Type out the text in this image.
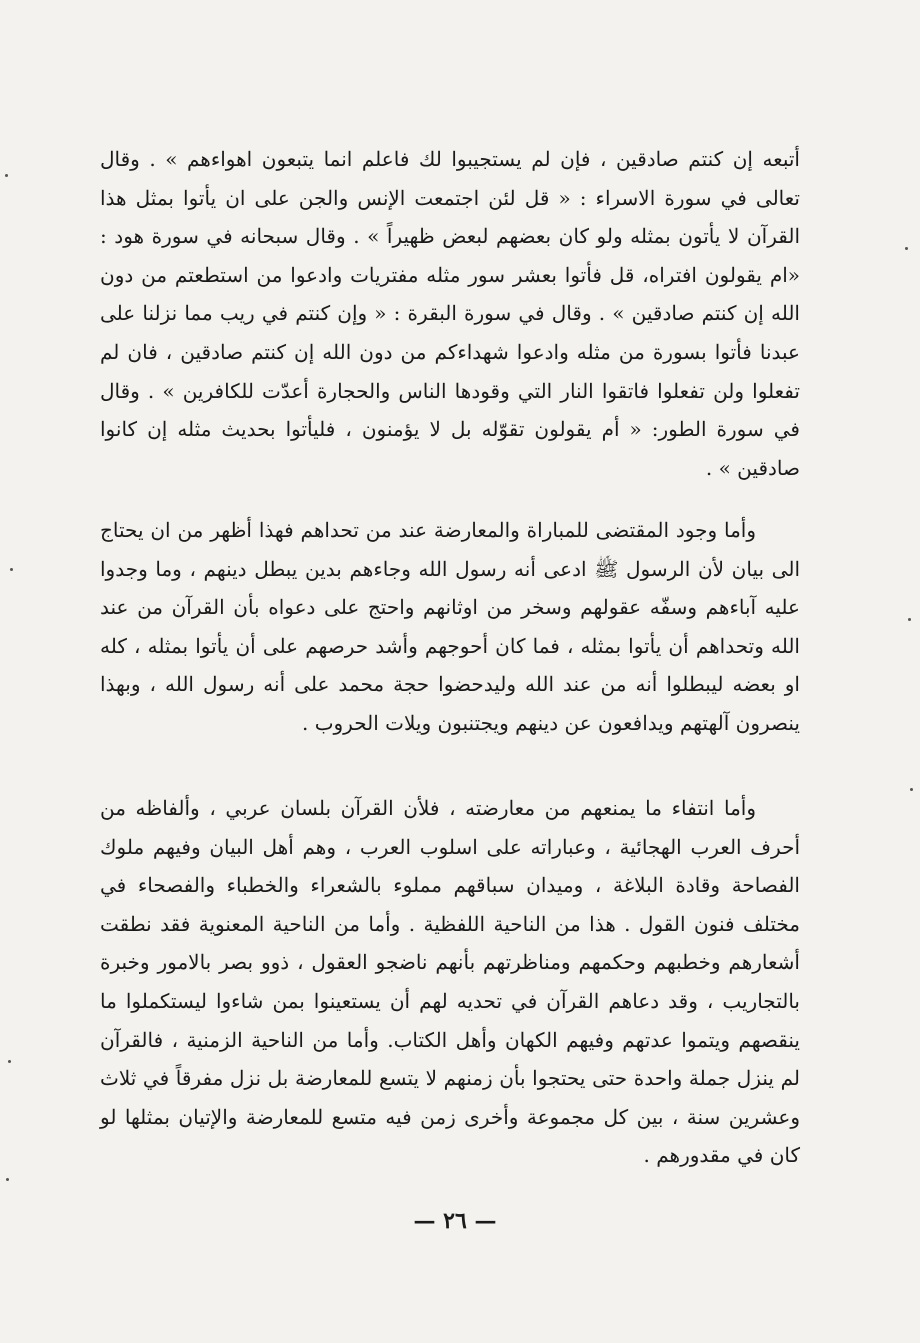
أتبعه إن كنتم صادقين ، فإن لم يستجيبوا لك فاعلم انما يتبعون اهواءهم » . وقال تعالى في سورة الاسراء : « قل لئن اجتمعت الإنس والجن على ان يأتوا بمثل هذا القرآن لا يأتون بمثله ولو كان بعضهم لبعض ظهيراً » . وقال سبحانه في سورة هود : «ام يقولون افتراه، قل فأتوا بعشر سور مثله مفتريات وادعوا من استطعتم من دون الله إن كنتم صادقين » . وقال في سورة البقرة : « وإن كنتم في ريب مما نزلنا على عبدنا فأتوا بسورة من مثله وادعوا شهداءكم من دون الله إن كنتم صادقين ، فان لم تفعلوا ولن تفعلوا فاتقوا النار التي وقودها الناس والحجارة أعدّت للكافرين » . وقال في سورة الطور: « أم يقولون تقوّله بل لا يؤمنون ، فليأتوا بحديث مثله إن كانوا صادقين » .

وأما وجود المقتضى للمباراة والمعارضة عند من تحداهم فهذا أظهر من ان يحتاج الى بيان لأن الرسول ﷺ ادعى أنه رسول الله وجاءهم بدين يبطل دينهم ، وما وجدوا عليه آباءهم وسفّه عقولهم وسخر من اوثانهم واحتج على دعواه بأن القرآن من عند الله وتحداهم أن يأتوا بمثله ، فما كان أحوجهم وأشد حرصهم على أن يأتوا بمثله ، كله او بعضه ليبطلوا أنه من عند الله وليدحضوا حجة محمد على أنه رسول الله ، وبهذا ينصرون آلهتهم ويدافعون عن دينهم ويجتنبون ويلات الحروب .

وأما انتفاء ما يمنعهم من معارضته ، فلأن القرآن بلسان عربي ، وألفاظه من أحرف العرب الهجائية ، وعباراته على اسلوب العرب ، وهم أهل البيان وفيهم ملوك الفصاحة وقادة البلاغة ، وميدان سباقهم مملوء بالشعراء والخطباء والفصحاء في مختلف فنون القول . هذا من الناحية اللفظية . وأما من الناحية المعنوية فقد نطقت أشعارهم وخطبهم وحكمهم ومناظرتهم بأنهم ناضجو العقول ، ذوو بصر بالامور وخبرة بالتجاريب ، وقد دعاهم القرآن في تحديه لهم أن يستعينوا بمن شاءوا ليستكملوا ما ينقصهم ويتموا عدتهم وفيهم الكهان وأهل الكتاب. وأما من الناحية الزمنية ، فالقرآن لم ينزل جملة واحدة حتى يحتجوا بأن زمنهم لا يتسع للمعارضة بل نزل مفرقاً في ثلاث وعشرين سنة ، بين كل مجموعة وأخرى زمن فيه متسع للمعارضة والإتيان بمثلها لو كان في مقدورهم .

— ٢٦ —
